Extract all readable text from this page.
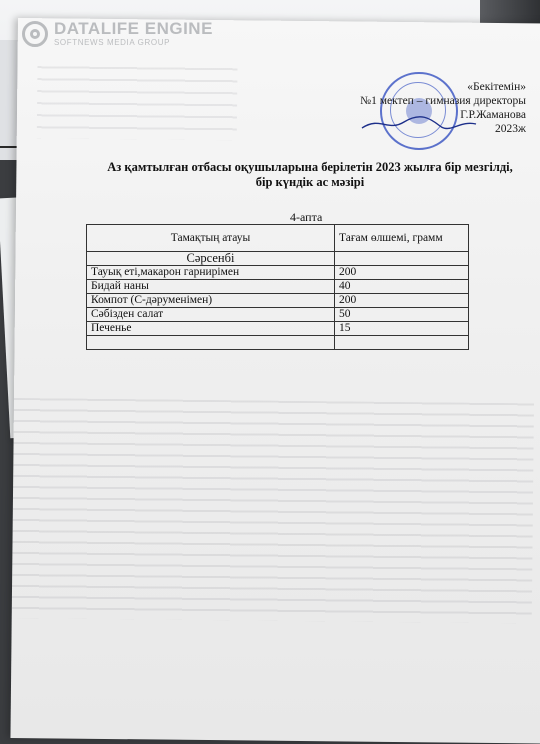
DATALIFE ENGINE
SOFTNEWS MEDIA GROUP
«Бекітемін»
№1 мектеп – гимназия директоры
Г.Р.Жаманова
2023ж
Аз қамтылған отбасы оқушыларына берілетін 2023 жылға бір мезгілді,
бір күндік ас мәзірі
4-апта
Тамақтың атауы	Тағам өлшемі, грамм
Сәрсенбі	
Тауық еті,макарон гарнирімен	200
Бидай наны	40
Компот (С-дәруменімен)	200
Сәбізден салат	50
Печенье	15
